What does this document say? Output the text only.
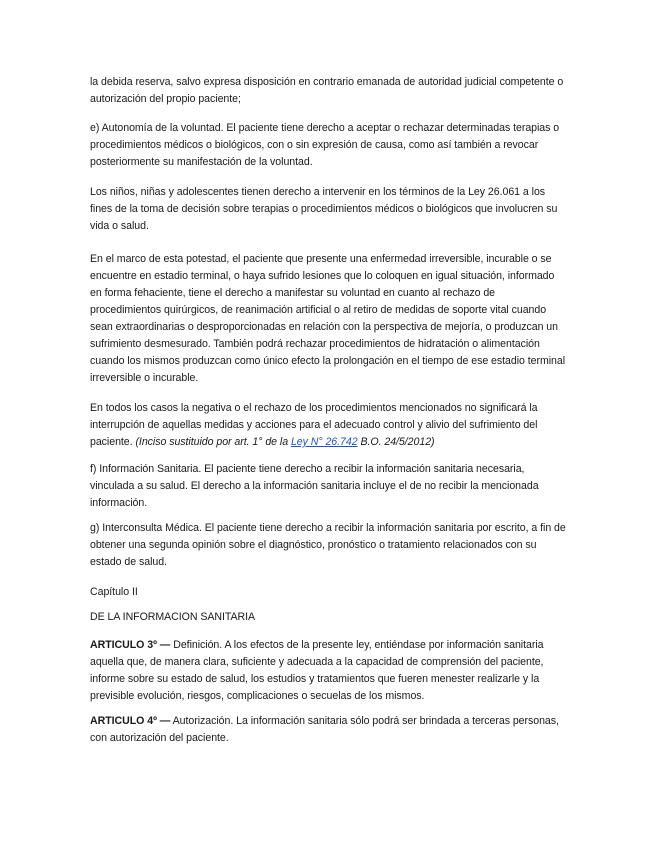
la debida reserva, salvo expresa disposición en contrario emanada de autoridad judicial competente o autorización del propio paciente;

e) Autonomía de la voluntad. El paciente tiene derecho a aceptar o rechazar determinadas terapias o procedimientos médicos o biológicos, con o sin expresión de causa, como así también a revocar posteriormente su manifestación de la voluntad.

Los niños, niñas y adolescentes tienen derecho a intervenir en los términos de la Ley 26.061 a los fines de la toma de decisión sobre terapias o procedimientos médicos o biológicos que involucren su vida o salud.

En el marco de esta potestad, el paciente que presente una enfermedad irreversible, incurable o se encuentre en estadio terminal, o haya sufrido lesiones que lo coloquen en igual situación, informado en forma fehaciente, tiene el derecho a manifestar su voluntad en cuanto al rechazo de procedimientos quirúrgicos, de reanimación artificial o al retiro de medidas de soporte vital cuando sean extraordinarias o desproporcionadas en relación con la perspectiva de mejoría, o produzcan un sufrimiento desmesurado. También podrá rechazar procedimientos de hidratación o alimentación cuando los mismos produzcan como único efecto la prolongación en el tiempo de ese estadio terminal irreversible o incurable.

En todos los casos la negativa o el rechazo de los procedimientos mencionados no significará la interrupción de aquellas medidas y acciones para el adecuado control y alivio del sufrimiento del paciente. (Inciso sustituido por art. 1° de la Ley N° 26.742 B.O. 24/5/2012)

f) Información Sanitaria. El paciente tiene derecho a recibir la información sanitaria necesaria, vinculada a su salud. El derecho a la información sanitaria incluye el de no recibir la mencionada información.

g) Interconsulta Médica. El paciente tiene derecho a recibir la información sanitaria por escrito, a fin de obtener una segunda opinión sobre el diagnóstico, pronóstico o tratamiento relacionados con su estado de salud.

Capítulo II

DE LA INFORMACION SANITARIA

ARTICULO 3º — Definición. A los efectos de la presente ley, entiéndase por información sanitaria aquella que, de manera clara, suficiente y adecuada a la capacidad de comprensión del paciente, informe sobre su estado de salud, los estudios y tratamientos que fueren menester realizarle y la previsible evolución, riesgos, complicaciones o secuelas de los mismos.

ARTICULO 4º — Autorización. La información sanitaria sólo podrá ser brindada a terceras personas, con autorización del paciente.
